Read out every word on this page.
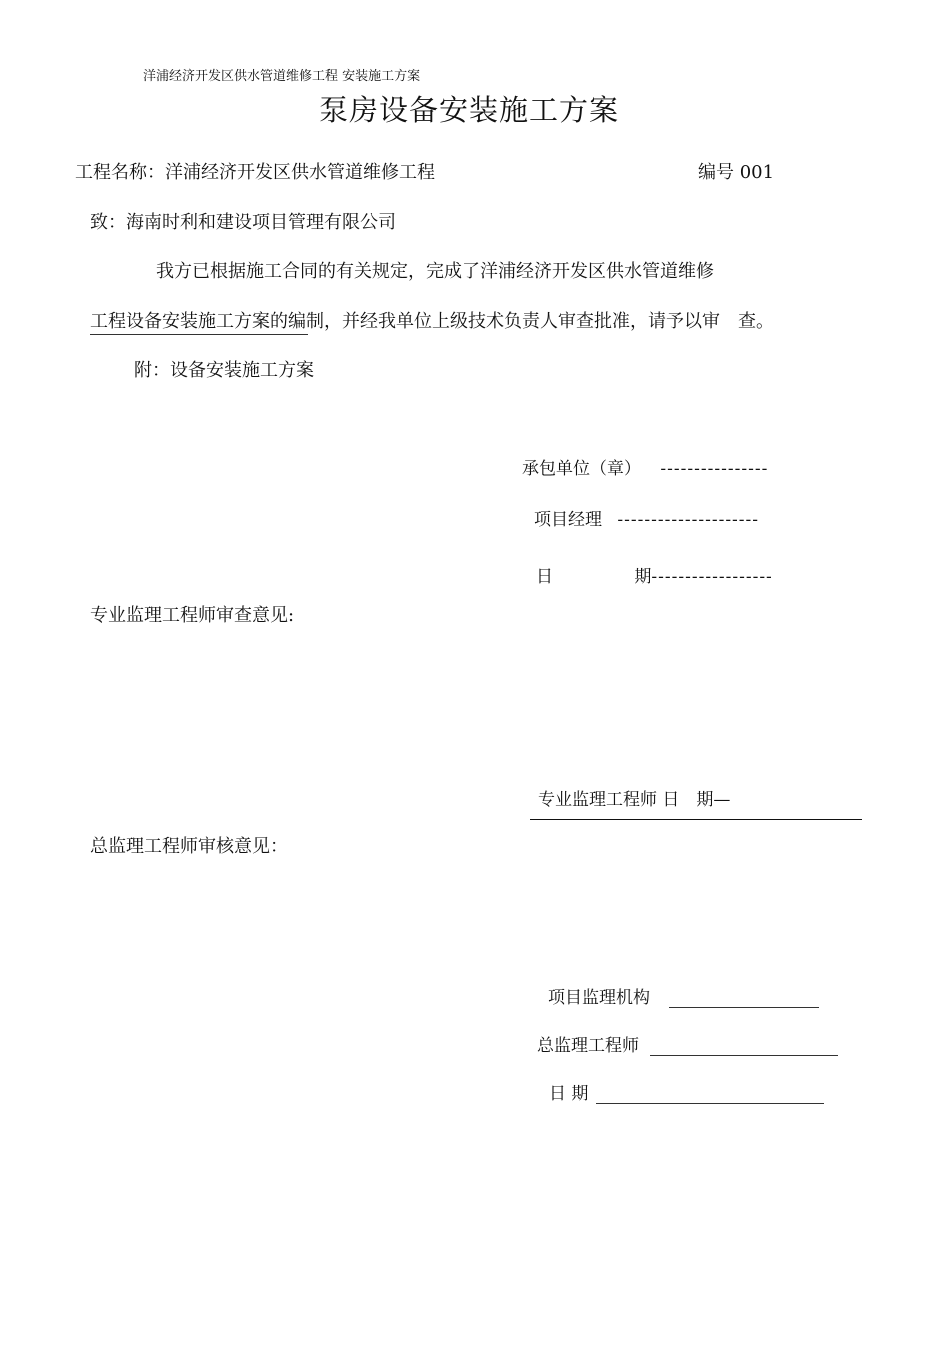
洋浦经济开发区供水管道维修工程 安装施工方案
泵房设备安装施工方案
工程名称：洋浦经济开发区供水管道维修工程	编号 001
致：海南时利和建设项目管理有限公司
我方已根据施工合同的有关规定，完成了洋浦经济开发区供水管道维修
工程设备安装施工方案的编制，并经我单位上级技术负责人审查批准，请予以审　查。
附：设备安装施工方案
承包单位（章） ----------------
项目经理 ---------------------
日	期------------------
专业监理工程师审查意见:
专业监理工程师 日　期—
总监理工程师审核意见：
项目监理机构
总监理工程师
日 期
